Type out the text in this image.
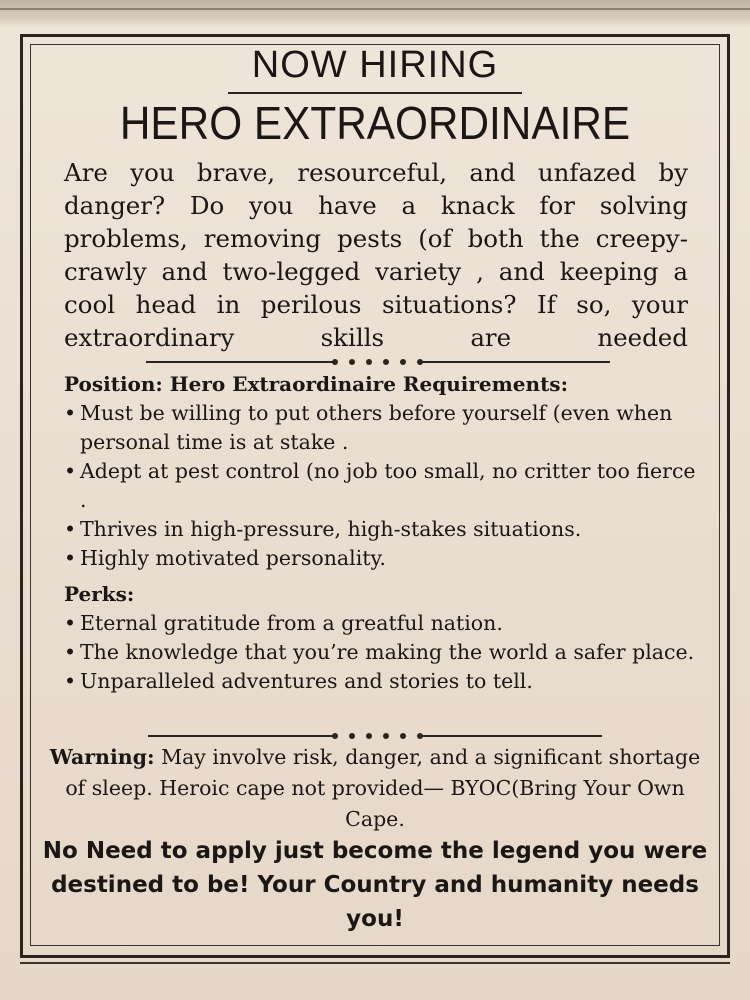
NOW HIRING
HERO EXTRAORDINAIRE
Are you brave, resourceful, and unfazed by danger? Do you have a knack for solving problems, removing pests (of both the creepy-crawly and two-legged variety , and keeping a cool head in perilous situations? If so, your extraordinary skills are needed
Position: Hero Extraordinaire Requirements:
• Must be willing to put others before yourself (even when personal time is at stake .
• Adept at pest control (no job too small, no critter too fierce .
• Thrives in high-pressure, high-stakes situations.
• Highly motivated personality.
Perks:
• Eternal gratitude from a greatful nation.
• The knowledge that you’re making the world a safer place.
• Unparalleled adventures and stories to tell.
Warning: May involve risk, danger, and a significant shortage of sleep. Heroic cape not provided— BYOC(Bring Your Own Cape.
No Need to apply just become the legend you were destined to be! Your Country and humanity needs you!
